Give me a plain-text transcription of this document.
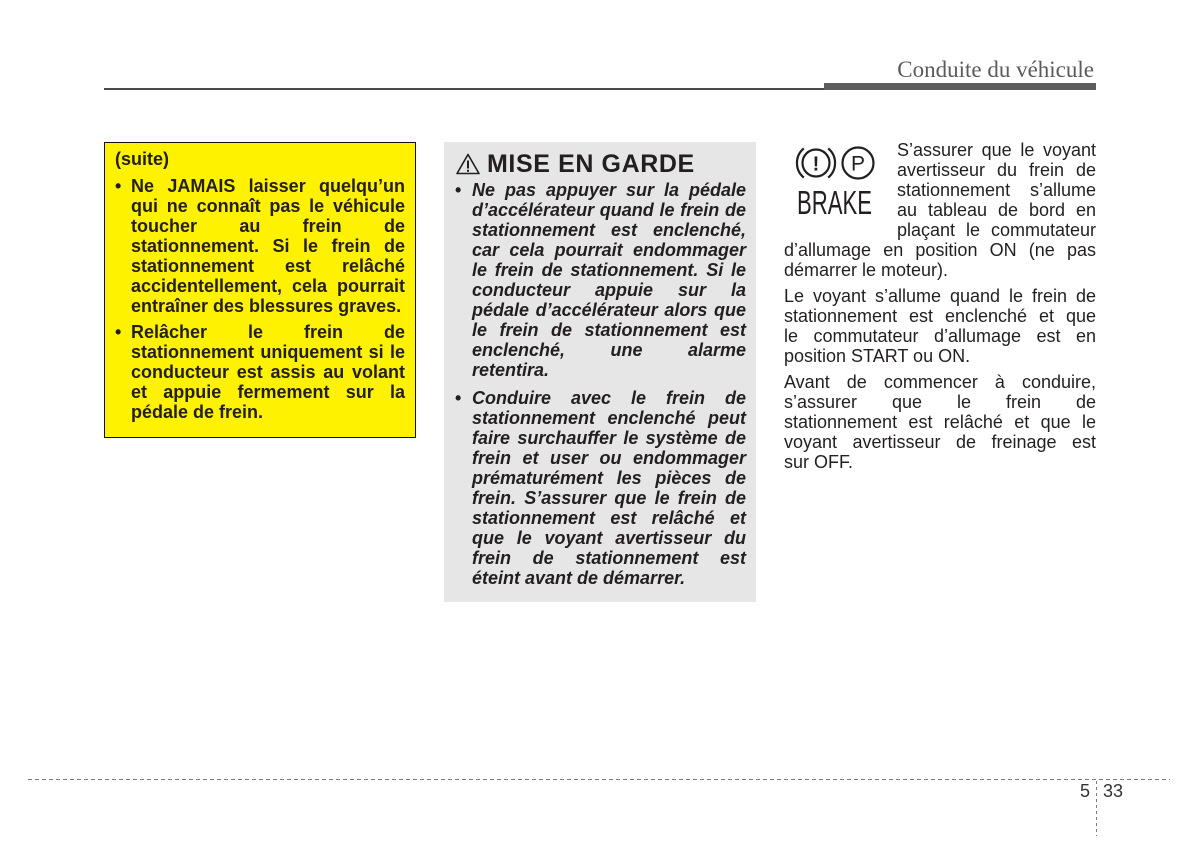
Conduite du véhicule
(suite)
• Ne JAMAIS laisser quelqu’un
qui ne connaît pas le véhicule
toucher au frein de
stationnement. Si le frein de
stationnement est relâché
accidentellement, cela pourrait
entraîner des blessures graves.
• Relâcher le frein de
stationnement uniquement si le
conducteur est assis au volant
et appuie fermement sur la
pédale de frein.
MISE EN GARDE
• Ne pas appuyer sur la pédale
d’accélérateur quand le frein de
stationnement est enclenché,
car cela pourrait endommager
le frein de stationnement. Si le
conducteur appuie sur la
pédale d’accélérateur alors que
le frein de stationnement est
enclenché, une alarme
retentira.
• Conduire avec le frein de
stationnement enclenché peut
faire surchauffer le système de
frein et user ou endommager
prématurément les pièces de
frein. S’assurer que le frein de
stationnement est relâché et
que le voyant avertisseur du
frein de stationnement est
éteint avant de démarrer.
! P
BRAKE
S’assurer que le voyant
avertisseur du frein de
stationnement s’allume
au tableau de bord en
plaçant le commutateur
d’allumage en position ON (ne pas
démarrer le moteur).
Le voyant s’allume quand le frein de
stationnement est enclenché et que
le commutateur d’allumage est en
position START ou ON.
Avant de commencer à conduire,
s’assurer que le frein de
stationnement est relâché et que le
voyant avertisseur de freinage est
sur OFF.
5 33
